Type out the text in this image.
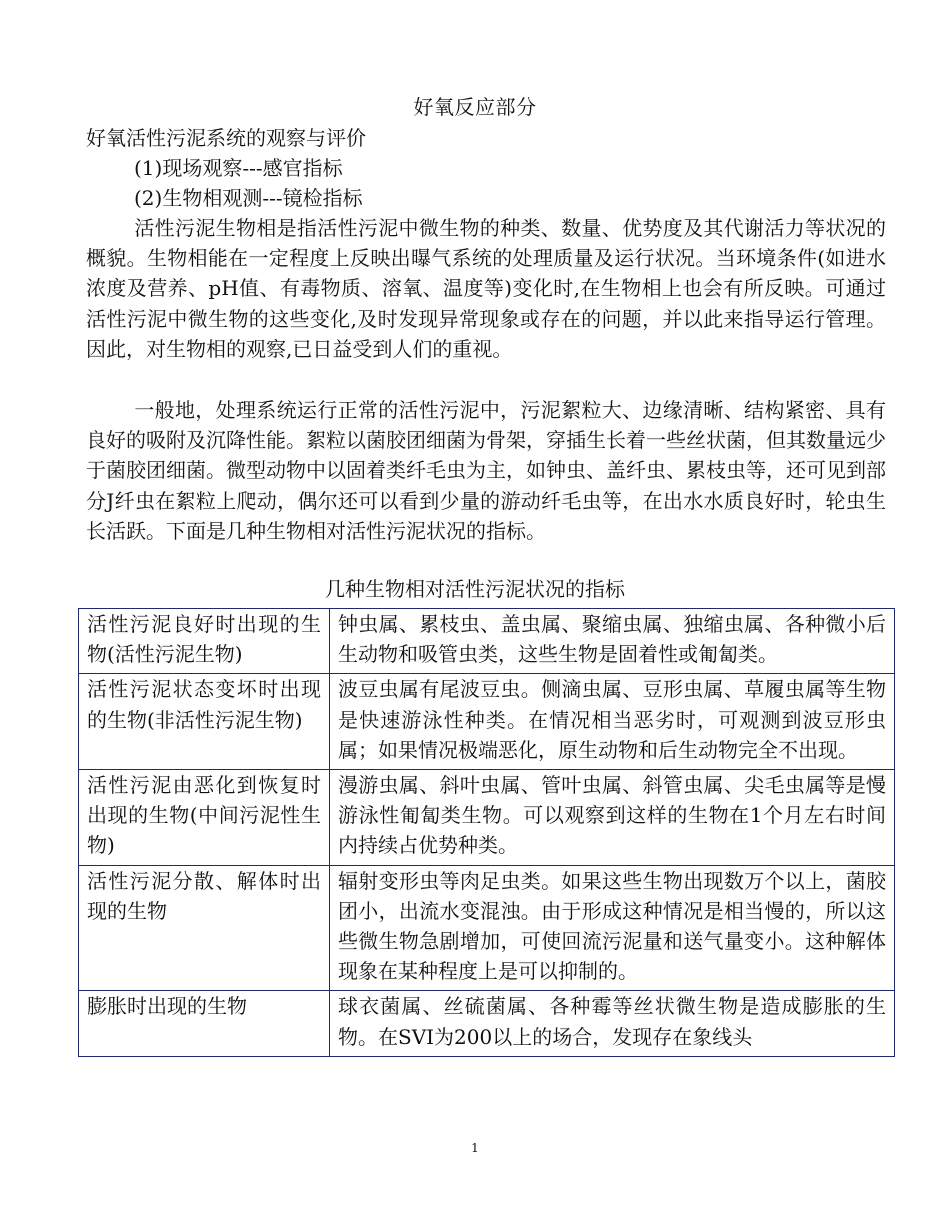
好氧反应部分
好氧活性污泥系统的观察与评价
(1)现场观察---感官指标
(2)生物相观测---镜检指标
活性污泥生物相是指活性污泥中微生物的种类、数量、优势度及其代谢活力等状况的概貌。生物相能在一定程度上反映出曝气系统的处理质量及运行状况。当环境条件(如进水浓度及营养、pH值、有毒物质、溶氧、温度等)变化时,在生物相上也会有所反映。可通过活性污泥中微生物的这些变化,及时发现异常现象或存在的问题，并以此来指导运行管理。因此，对生物相的观察,已日益受到人们的重视。
一般地，处理系统运行正常的活性污泥中，污泥絮粒大、边缘清晰、结构紧密、具有良好的吸附及沉降性能。絮粒以菌胶团细菌为骨架，穿插生长着一些丝状菌，但其数量远少于菌胶团细菌。微型动物中以固着类纤毛虫为主，如钟虫、盖纤虫、累枝虫等，还可见到部分J纤虫在絮粒上爬动，偶尔还可以看到少量的游动纤毛虫等，在出水水质良好时，轮虫生长活跃。下面是几种生物相对活性污泥状况的指标。
几种生物相对活性污泥状况的指标
活性污泥良好时出现的生物(活性污泥生物)	钟虫属、累枝虫、盖虫属、聚缩虫属、独缩虫属、各种微小后生动物和吸管虫类，这些生物是固着性或匍匐类。
活性污泥状态变坏时出现的生物(非活性污泥生物)	波豆虫属有尾波豆虫。侧滴虫属、豆形虫属、草履虫属等生物是快速游泳性种类。在情况相当恶劣时，可观测到波豆形虫属；如果情况极端恶化，原生动物和后生动物完全不出现。
活性污泥由恶化到恢复时出现的生物(中间污泥性生物)	漫游虫属、斜叶虫属、管叶虫属、斜管虫属、尖毛虫属等是慢游泳性匍匐类生物。可以观察到这样的生物在1个月左右时间内持续占优势种类。
活性污泥分散、解体时出现的生物	辐射变形虫等肉足虫类。如果这些生物出现数万个以上，菌胶团小，出流水变混浊。由于形成这种情况是相当慢的，所以这些微生物急剧增加，可使回流污泥量和送气量变小。这种解体现象在某种程度上是可以抑制的。
膨胀时出现的生物	球衣菌属、丝硫菌属、各种霉等丝状微生物是造成膨胀的生物。在SVI为200以上的场合，发现存在象线头
1
